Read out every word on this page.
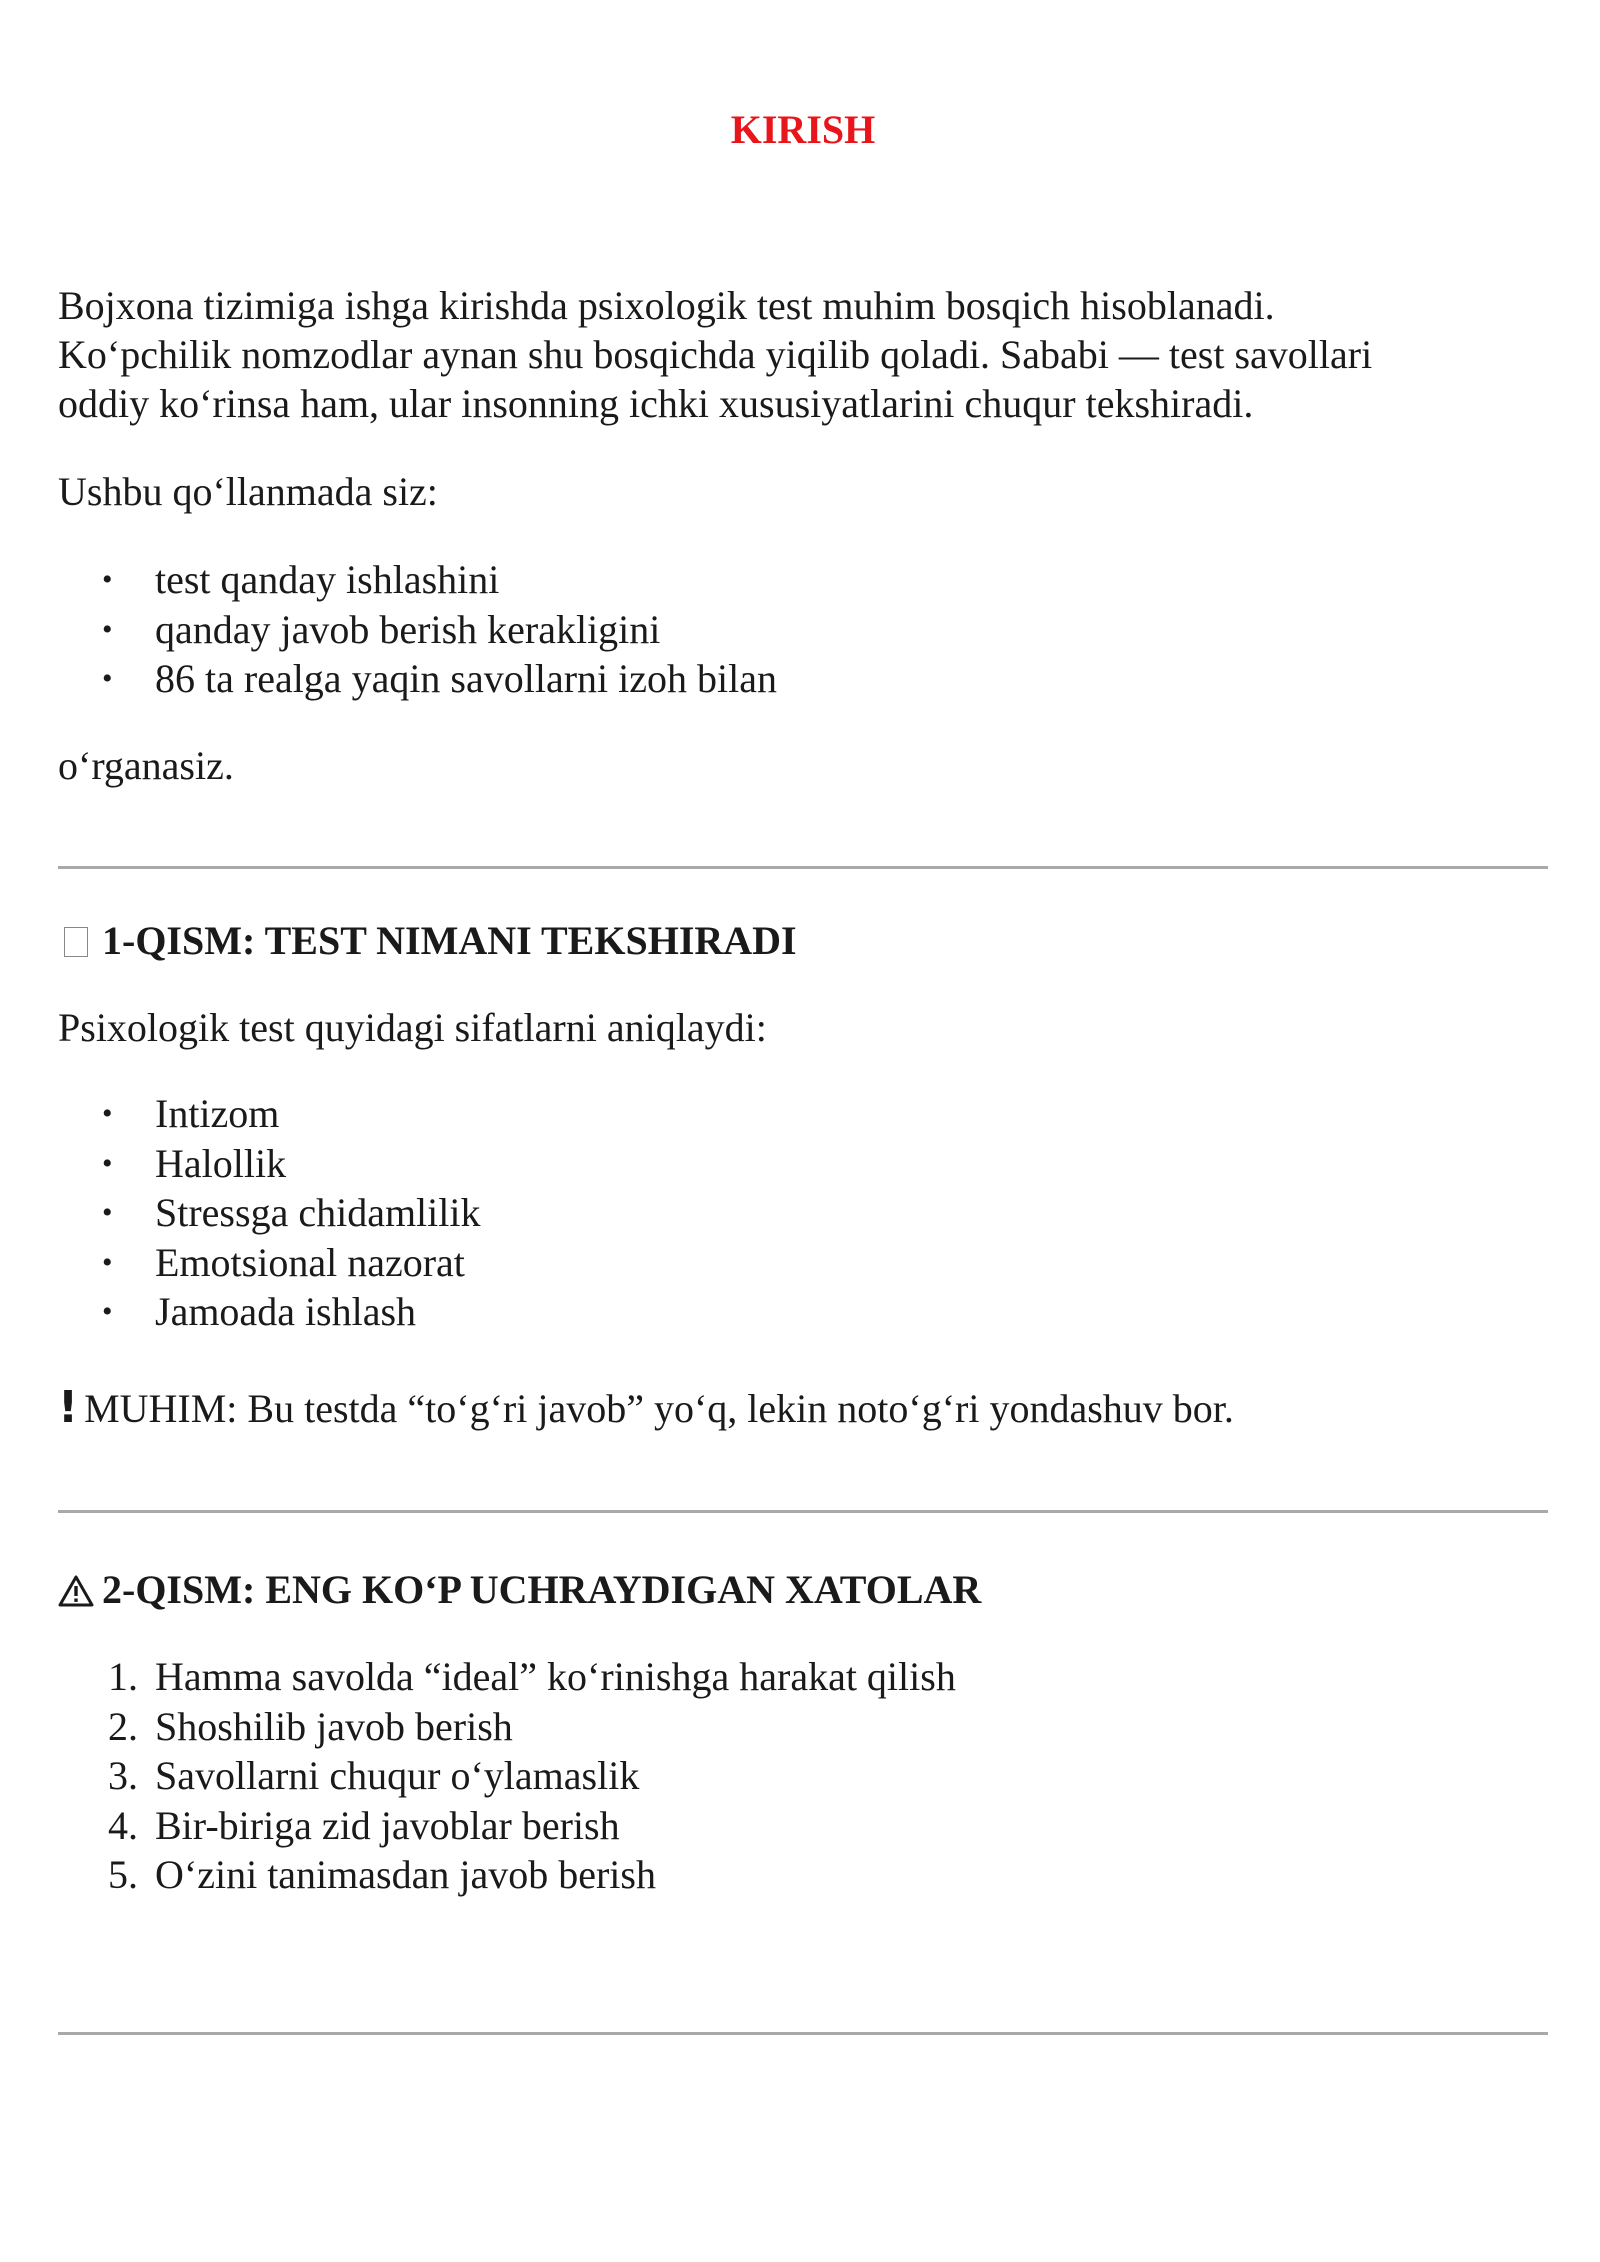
KIRISH

Bojxona tizimiga ishga kirishda psixologik test muhim bosqich hisoblanadi.
Ko‘pchilik nomzodlar aynan shu bosqichda yiqilib qoladi. Sababi — test savollari
oddiy ko‘rinsa ham, ular insonning ichki xususiyatlarini chuqur tekshiradi.

Ushbu qo‘llanmada siz:

• test qanday ishlashini
• qanday javob berish kerakligini
• 86 ta realga yaqin savollarni izoh bilan

o‘rganasiz.

1-QISM: TEST NIMANI TEKSHIRADI

Psixologik test quyidagi sifatlarni aniqlaydi:

• Intizom
• Halollik
• Stressga chidamlilik
• Emotsional nazorat
• Jamoada ishlash

! MUHIM: Bu testda “to‘g‘ri javob” yo‘q, lekin noto‘g‘ri yondashuv bor.

2-QISM: ENG KO‘P UCHRAYDIGAN XATOLAR
1. Hamma savolda “ideal” ko‘rinishga harakat qilish
2. Shoshilib javob berish
3. Savollarni chuqur o‘ylamaslik
4. Bir-biriga zid javoblar berish
5. O‘zini tanimasdan javob berish
